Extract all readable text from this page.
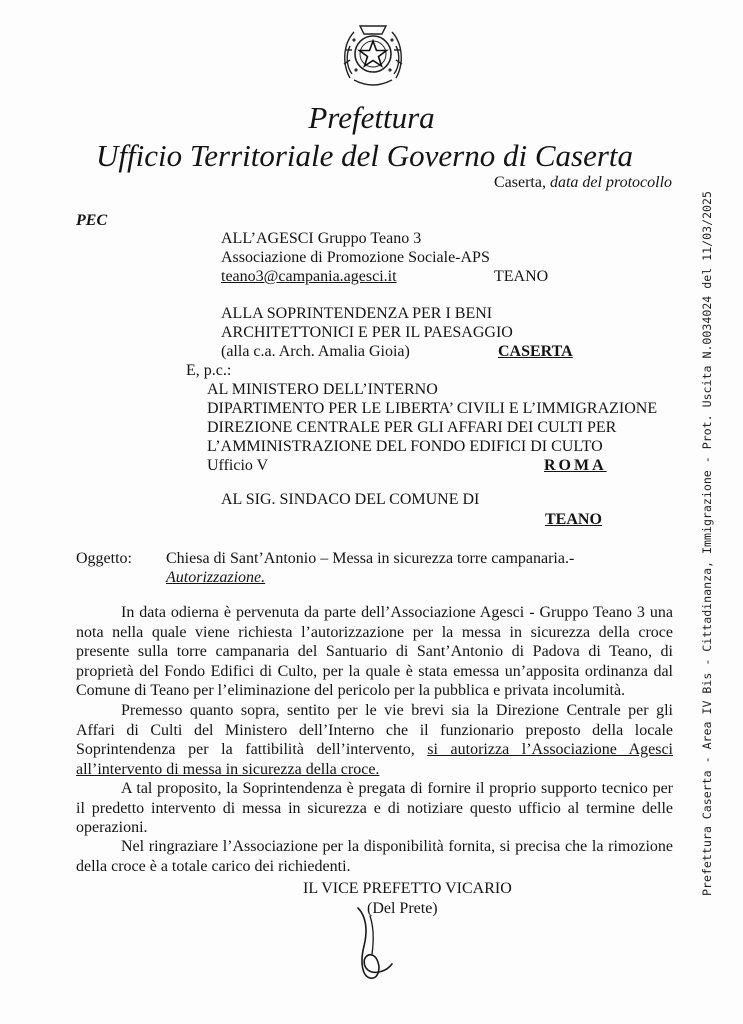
Prefettura
Ufficio Territoriale del Governo di Caserta
Caserta, data del protocollo
PEC
ALL’AGESCI Gruppo Teano 3
Associazione di Promozione Sociale-APS
teano3@campania.agesci.it	TEANO
ALLA SOPRINTENDENZA PER I BENI
ARCHITETTONICI E PER IL PAESAGGIO
(alla c.a. Arch. Amalia Gioia)	CASERTA
E, p.c.:
AL MINISTERO DELL’INTERNO
DIPARTIMENTO PER LE LIBERTA’ CIVILI E L’IMMIGRAZIONE
DIREZIONE CENTRALE PER GLI AFFARI DEI CULTI PER
L’AMMINISTRAZIONE DEL FONDO EDIFICI DI CULTO
Ufficio V	ROMA
AL SIG. SINDACO DEL COMUNE DI
TEANO
Oggetto: Chiesa di Sant’Antonio – Messa in sicurezza torre campanaria.-
Autorizzazione.
In data odierna è pervenuta da parte dell’Associazione Agesci - Gruppo Teano 3 una
nota nella quale viene richiesta l’autorizzazione per la messa in sicurezza della croce
presente sulla torre campanaria del Santuario di Sant’Antonio di Padova di Teano, di
proprietà del Fondo Edifici di Culto, per la quale è stata emessa un’apposita ordinanza dal
Comune di Teano per l’eliminazione del pericolo per la pubblica e privata incolumità.
Premesso quanto sopra, sentito per le vie brevi sia la Direzione Centrale per gli
Affari di Culti del Ministero dell’Interno che il funzionario preposto della locale
Soprintendenza per la fattibilità dell’intervento, si autorizza l’Associazione Agesci
all’intervento di messa in sicurezza della croce.
A tal proposito, la Soprintendenza è pregata di fornire il proprio supporto tecnico per
il predetto intervento di messa in sicurezza e di notiziare questo ufficio al termine delle
operazioni.
Nel ringraziare l’Associazione per la disponibilità fornita, si precisa che la rimozione
della croce è a totale carico dei richiedenti.
IL VICE PREFETTO VICARIO
(Del Prete)
Prefettura Caserta - Area IV Bis - Cittadinanza, Immigrazione - Prot. Uscita N.0034024 del 11/03/2025
